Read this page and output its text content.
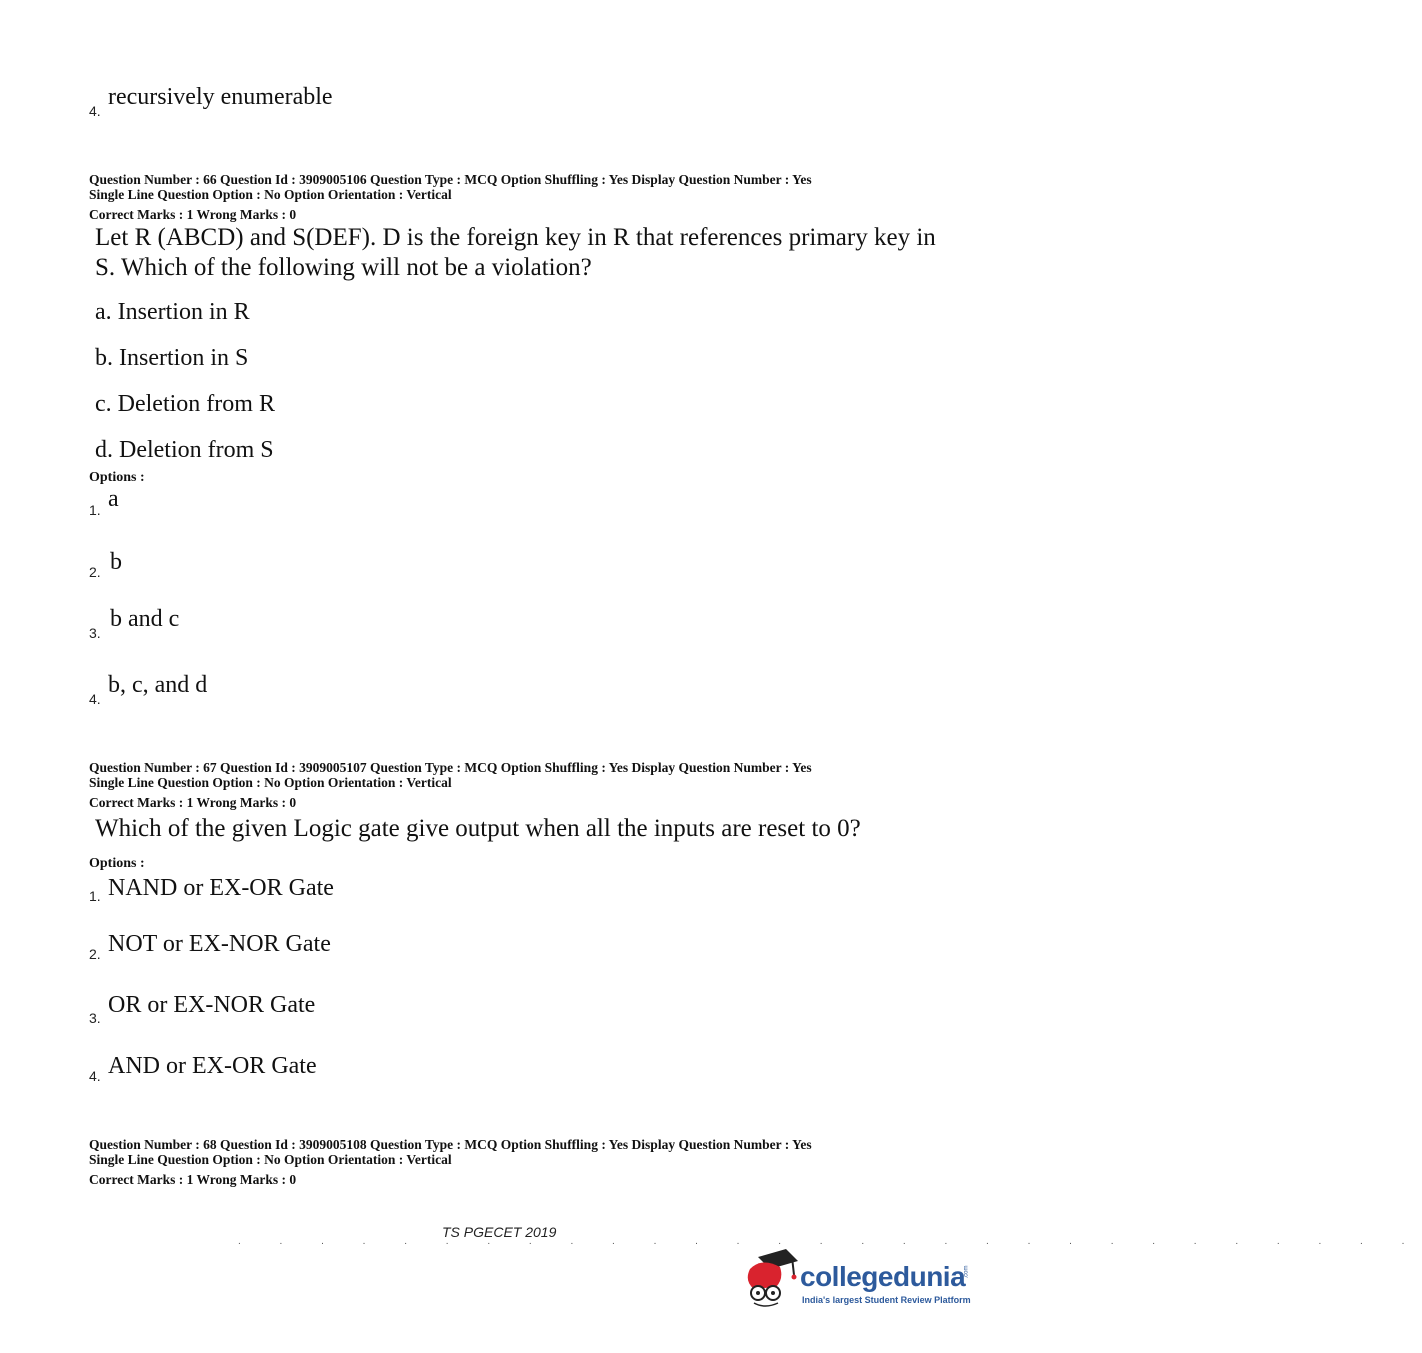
4.
recursively enumerable
Question Number : 66 Question Id : 3909005106 Question Type : MCQ Option Shuffling : Yes Display Question Number : Yes
Single Line Question Option : No Option Orientation : Vertical
Correct Marks : 1 Wrong Marks : 0
Let R (ABCD) and S(DEF). D is the foreign key in R that references primary key in
S. Which of the following will not be a violation?
a. Insertion in R
b. Insertion in S
c. Deletion from R
d. Deletion from S
Options :
1. a
2. b
3.
b and c
4.
b, c, and d
Question Number : 67 Question Id : 3909005107 Question Type : MCQ Option Shuffling : Yes Display Question Number : Yes
Single Line Question Option : No Option Orientation : Vertical
Correct Marks : 1 Wrong Marks : 0
Which of the given Logic gate give output when all the inputs are reset to 0?
Options :
1. NAND or EX-OR Gate
2. NOT or EX-NOR Gate
3. OR or EX-NOR Gate
4. AND or EX-OR Gate
Question Number : 68 Question Id : 3909005108 Question Type : MCQ Option Shuffling : Yes Display Question Number : Yes
Single Line Question Option : No Option Orientation : Vertical
Correct Marks : 1 Wrong Marks : 0
TS PGECET 2019
. . . . . . . . . . . . . . . . . . . . . . . . . . . . .
collegedunia
.com
India's largest Student Review Platform
